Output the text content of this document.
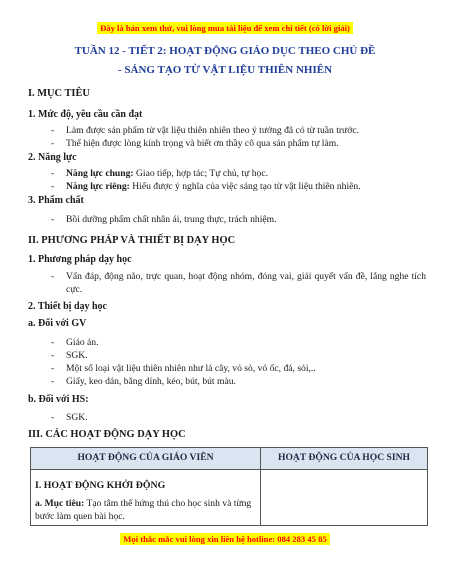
Đây là bản xem thử, vui lòng mua tài liệu để xem chi tiết (có lời giải)
TUẦN 12 - TIẾT 2: HOẠT ĐỘNG GIÁO DỤC THEO CHỦ ĐỀ
- SÁNG TẠO TỪ VẬT LIỆU THIÊN NHIÊN
I. MỤC TIÊU
1. Mức độ, yêu cầu cần đạt
- Làm được sản phẩm từ vật liệu thiên nhiên theo ý tưởng đã có từ tuần trước.
- Thể hiện được lòng kính trọng và biết ơn thầy cô qua sản phẩm tự làm.
2. Năng lực
- Năng lực chung: Giao tiếp, hợp tác; Tự chủ, tự học.
- Năng lực riêng: Hiểu được ý nghĩa của việc sáng tạo từ vật liệu thiên nhiên.
3. Phẩm chất
- Bồi dưỡng phẩm chất nhân ái, trung thực, trách nhiệm.
II. PHƯƠNG PHÁP VÀ THIẾT BỊ DẠY HỌC
1. Phương pháp dạy học
- Vấn đáp, động não, trực quan, hoạt động nhóm, đóng vai, giải quyết vấn đề, lắng nghe tích cực.
2. Thiết bị dạy học
a. Đối với GV
- Giáo án.
- SGK.
- Một số loại vật liệu thiên nhiên như lá cây, vỏ sò, vỏ ốc, đá, sỏi,..
- Giấy, keo dán, băng dính, kéo, bút, bút màu.
b. Đối với HS:
- SGK.
III. CÁC HOẠT ĐỘNG DẠY HỌC
HOẠT ĐỘNG CỦA GIÁO VIÊN	HOẠT ĐỘNG CỦA HỌC SINH

I. HOẠT ĐỘNG KHỞI ĐỘNG
a. Mục tiêu: Tạo tâm thế hứng thú cho học sinh và từng bước làm quen bài học.	

Mọi thắc mắc vui lòng xin liên hệ hotline: 084 283 45 85
